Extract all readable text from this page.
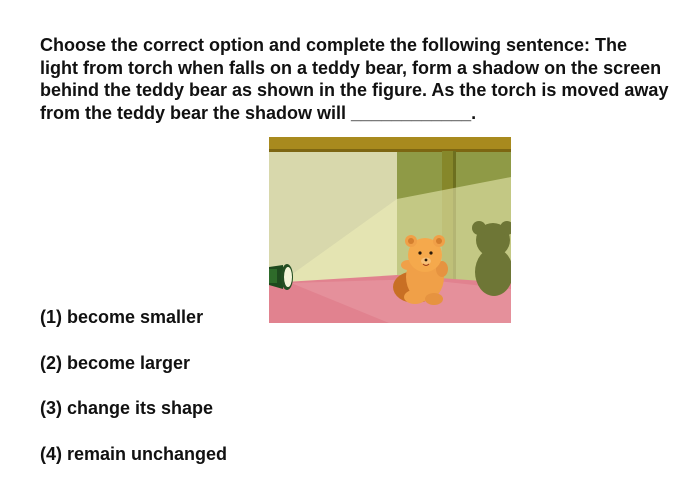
Choose the correct option and complete the following sentence: The light from torch when falls on a teddy bear, form a shadow on the screen behind the teddy bear as shown in the figure. As the torch is moved away from the teddy bear the shadow will ____________.

(1) become smaller
(2) become larger
(3) change its shape
(4) remain unchanged
